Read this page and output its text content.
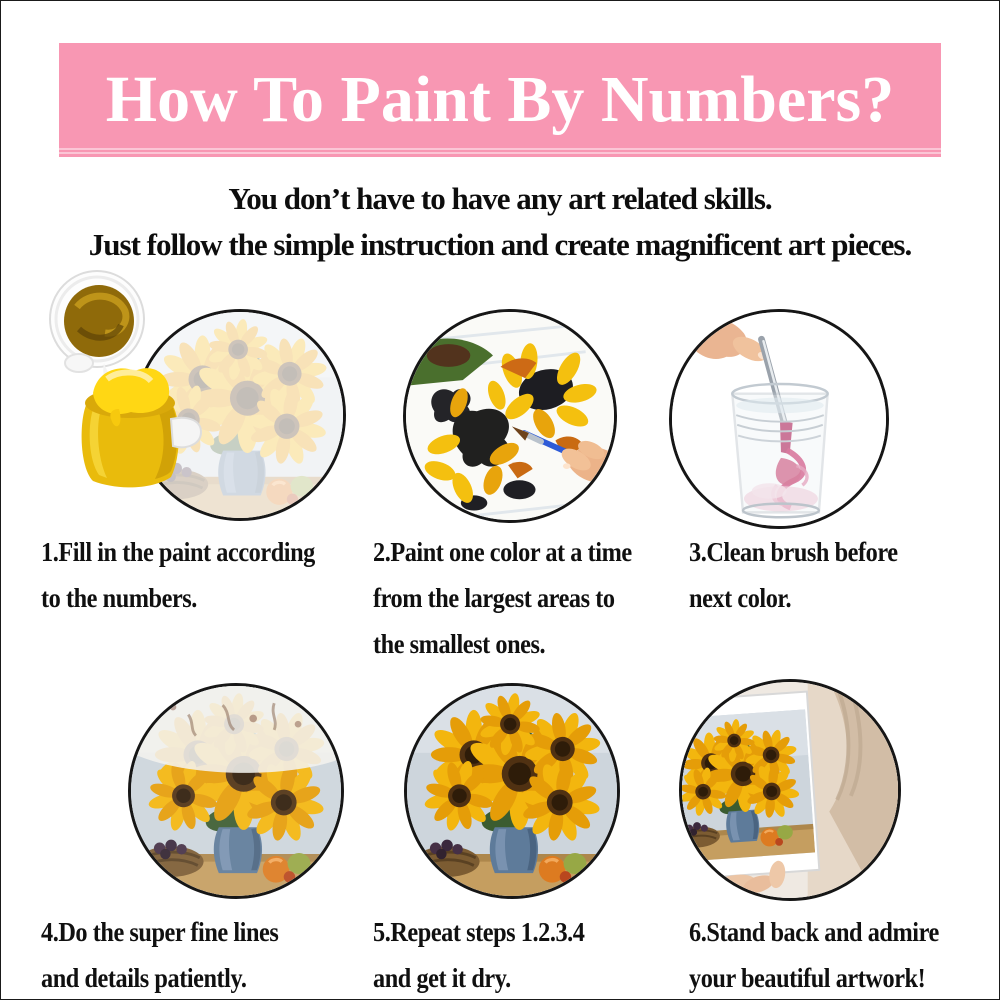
How To Paint By Numbers?
You don’t have to have any art related skills.
Just follow the simple instruction and create magnificent art pieces.
1.Fill in the paint according
to the numbers.
2.Paint one color at a time
from the largest areas to
the smallest ones.
3.Clean brush before
next color.
4.Do the super fine lines
and details patiently.
5.Repeat steps 1.2.3.4
and get it dry.
6.Stand back and admire
your beautiful artwork!
